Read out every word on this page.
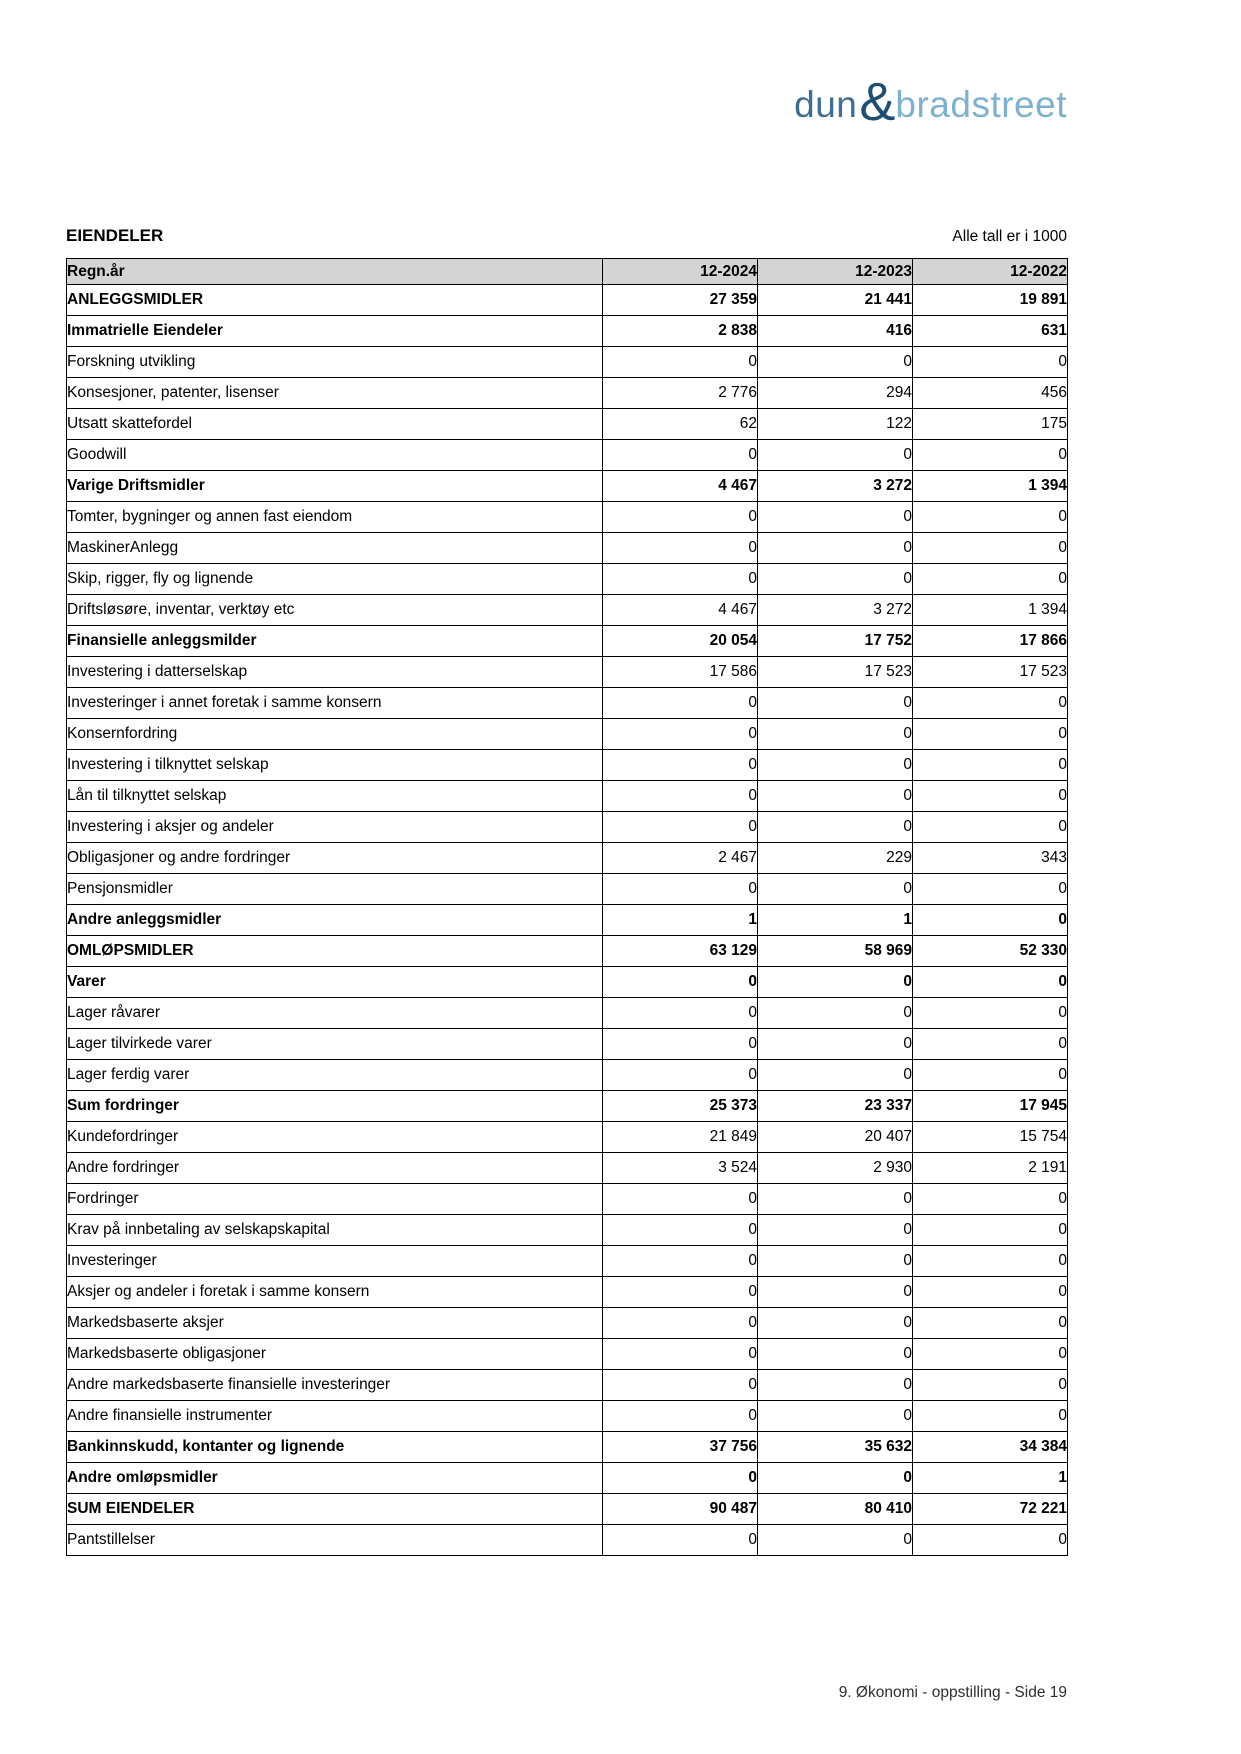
dun & bradstreet
EIENDELER	Alle tall er i 1000
Regn.år	12-2024	12-2023	12-2022
ANLEGGSMIDLER	27 359	21 441	19 891
Immatrielle Eiendeler	2 838	416	631
Forskning utvikling	0	0	0
Konsesjoner, patenter, lisenser	2 776	294	456
Utsatt skattefordel	62	122	175
Goodwill	0	0	0
Varige Driftsmidler	4 467	3 272	1 394
Tomter, bygninger og annen fast eiendom	0	0	0
MaskinerAnlegg	0	0	0
Skip, rigger, fly og lignende	0	0	0
Driftsløsøre, inventar, verktøy etc	4 467	3 272	1 394
Finansielle anleggsmilder	20 054	17 752	17 866
Investering i datterselskap	17 586	17 523	17 523
Investeringer i annet foretak i samme konsern	0	0	0
Konsernfordring	0	0	0
Investering i tilknyttet selskap	0	0	0
Lån til tilknyttet selskap	0	0	0
Investering i aksjer og andeler	0	0	0
Obligasjoner og andre fordringer	2 467	229	343
Pensjonsmidler	0	0	0
Andre anleggsmidler	1	1	0
OMLØPSMIDLER	63 129	58 969	52 330
Varer	0	0	0
Lager råvarer	0	0	0
Lager tilvirkede varer	0	0	0
Lager ferdig varer	0	0	0
Sum fordringer	25 373	23 337	17 945
Kundefordringer	21 849	20 407	15 754
Andre fordringer	3 524	2 930	2 191
Fordringer	0	0	0
Krav på innbetaling av selskapskapital	0	0	0
Investeringer	0	0	0
Aksjer og andeler i foretak i samme konsern	0	0	0
Markedsbaserte aksjer	0	0	0
Markedsbaserte obligasjoner	0	0	0
Andre markedsbaserte finansielle investeringer	0	0	0
Andre finansielle instrumenter	0	0	0
Bankinnskudd, kontanter og lignende	37 756	35 632	34 384
Andre omløpsmidler	0	0	1
SUM EIENDELER	90 487	80 410	72 221
Pantstillelser	0	0	0
9. Økonomi - oppstilling - Side 19
